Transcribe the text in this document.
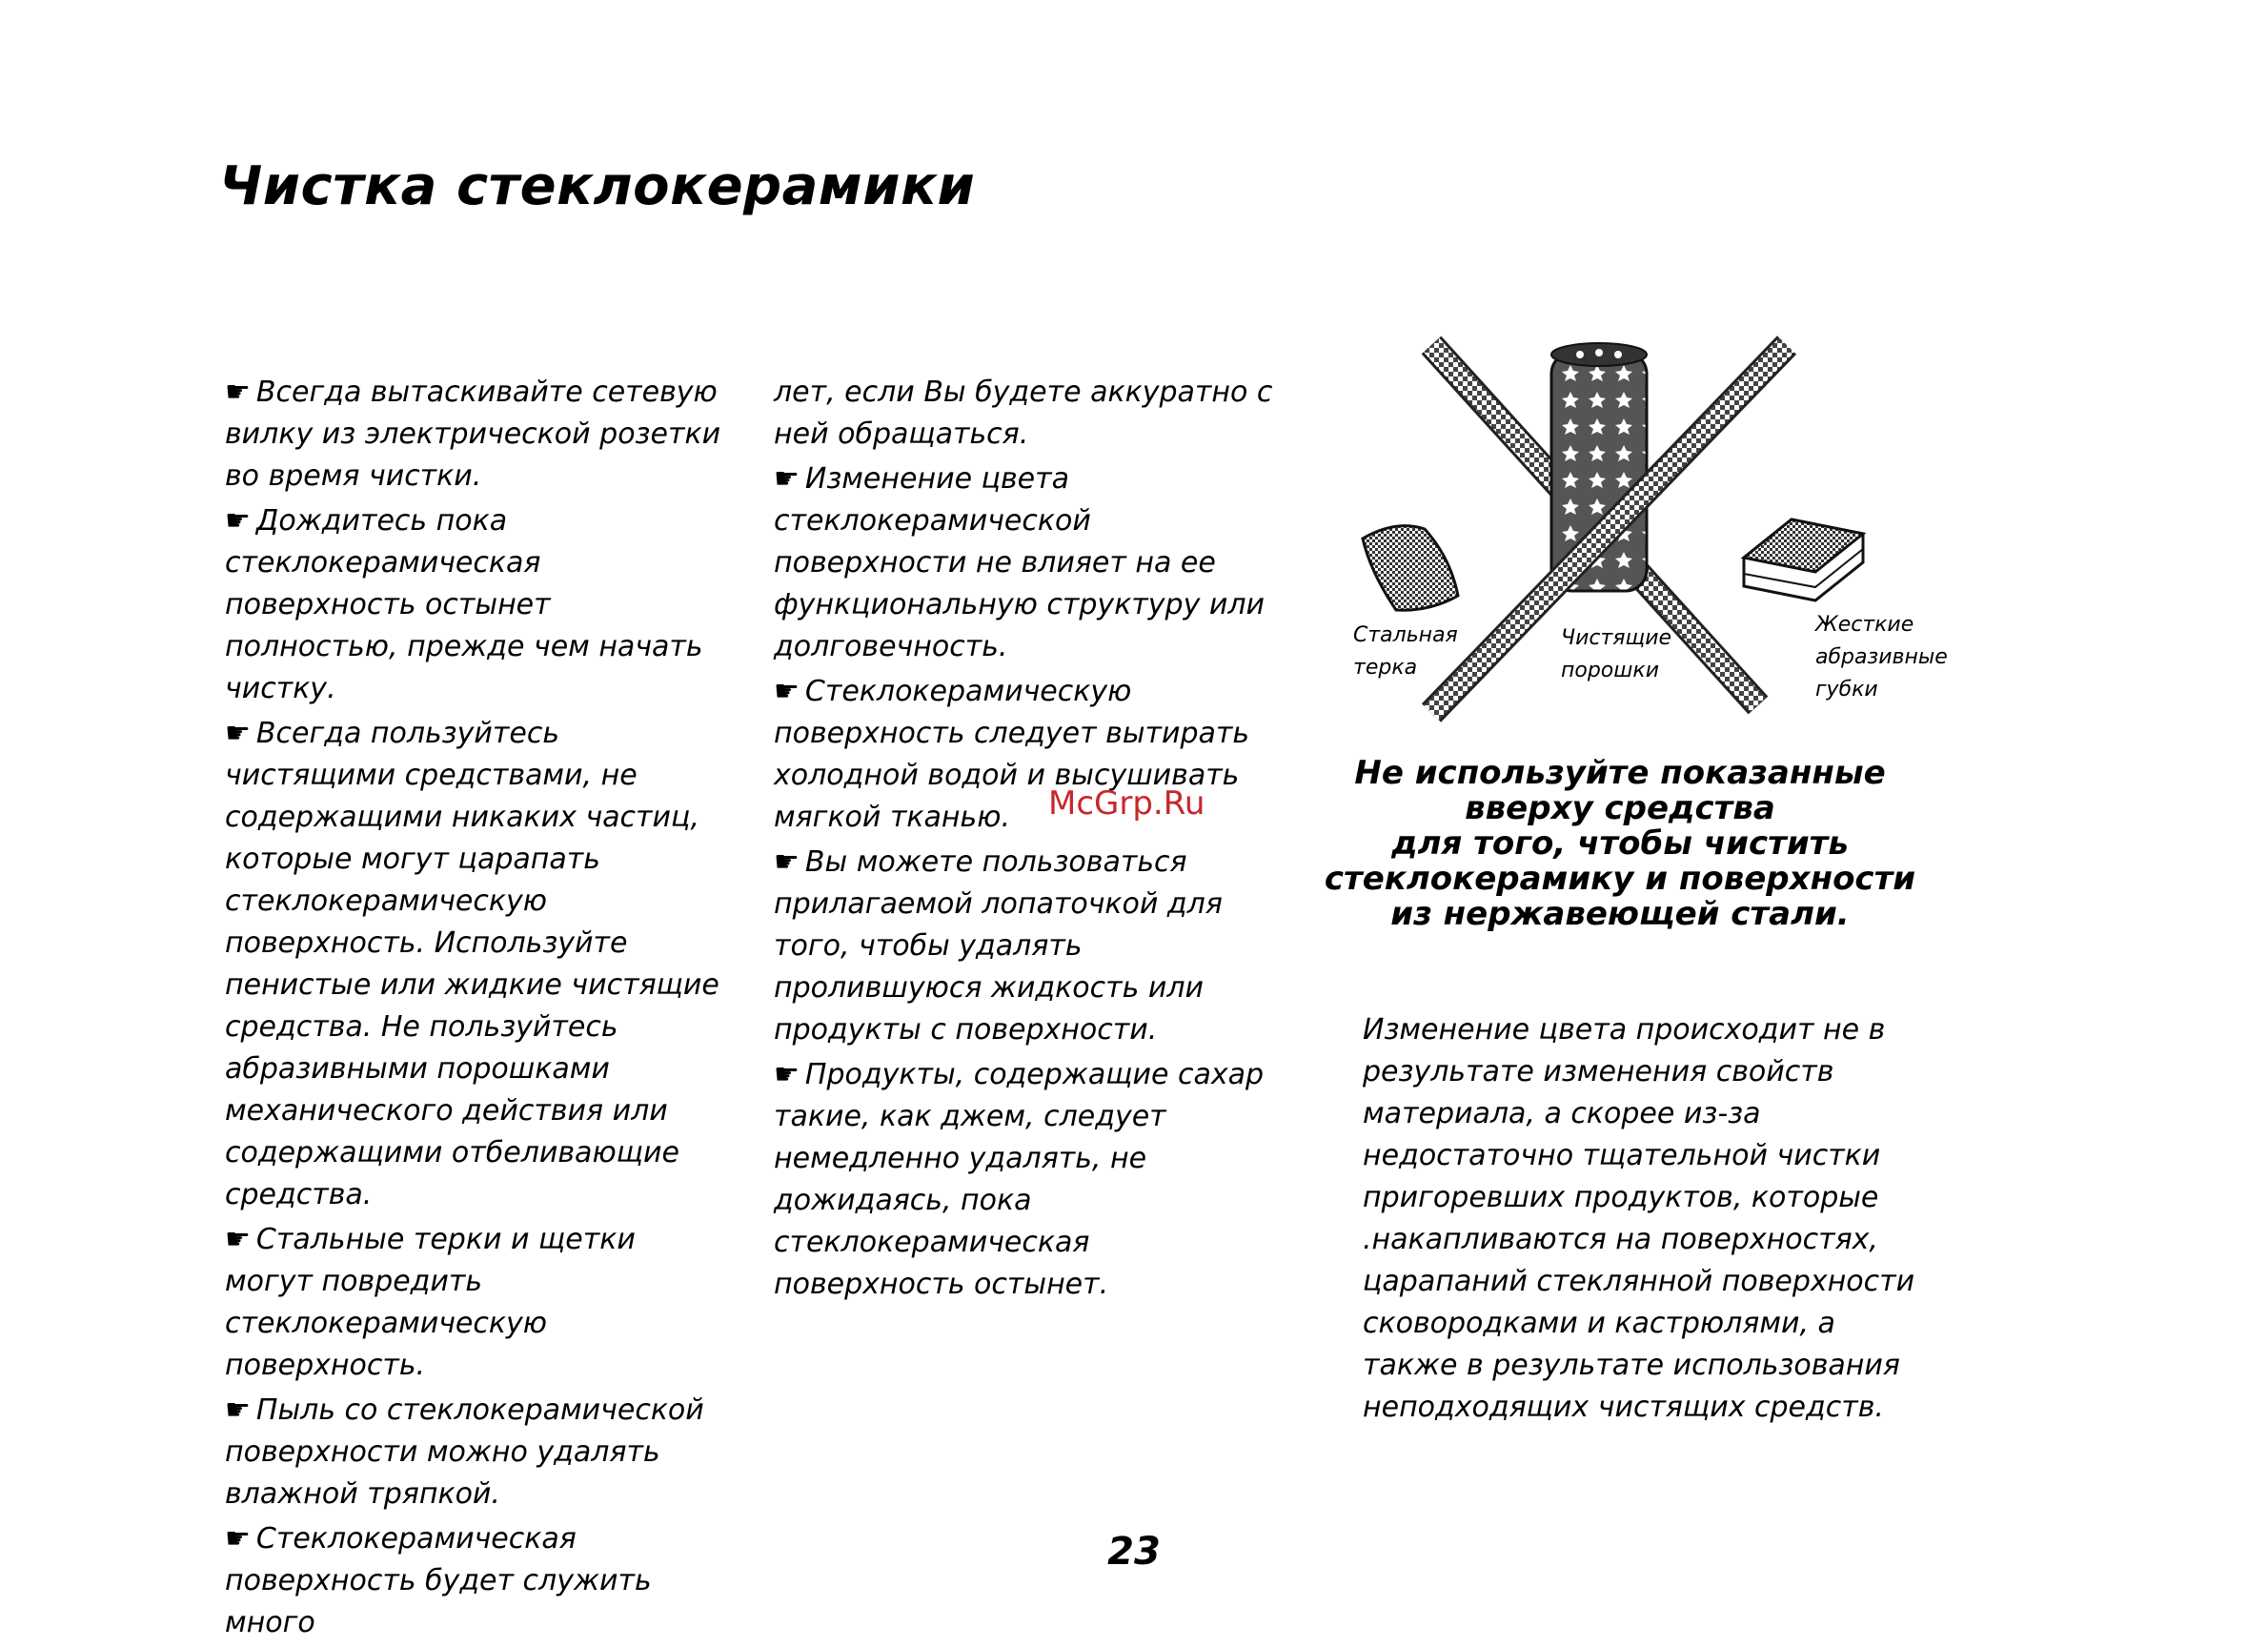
Чистка стеклокерамики

☛ Всегда вытаскивайте сетевую вилку из электрической розетки во время чистки.

☛ Дождитесь пока стеклокерамическая поверхность остынет полностью, прежде чем начать чистку.

☛ Всегда пользуйтесь чистящими средствами, не содержащими никаких частиц, которые могут царапать стеклокерамическую поверхность. Используйте пенистые или жидкие чистящие средства. Не пользуйтесь абразивными порошками механического действия или содержащими отбеливающие средства.

☛ Стальные терки и щетки могут повредить стеклокерамическую поверхность.

☛ Пыль со стеклокерамической поверхности можно удалять влажной тряпкой.

☛ Стеклокерамическая поверхность будет служить много

лет, если Вы будете аккуратно с ней обращаться.

☛ Изменение цвета стеклокерамической поверхности не влияет на ее функциональную структуру или долговечность.

☛ Стеклокерамическую поверхность следует вытирать холодной водой и высушивать мягкой тканью.

☛ Вы можете пользоваться прилагаемой лопаточкой для того, чтобы удалять пролившуюся жидкость или продукты с поверхности.

☛ Продукты, содержащие сахар такие, как джем, следует немедленно удалять, не дожидаясь, пока стеклокерамическая поверхность остынет.

Стальная терка
Чистящие порошки
Жесткие абразивные губки
Не используйте показанные
вверху средства
для того, чтобы чистить
стеклокерамику и поверхности
из нержавеющей стали.

Изменение цвета происходит не в результате изменения свойств материала, а скорее из-за недостаточно тщательной чистки пригоревших продуктов, которые .накапливаются на поверхностях, царапаний стеклянной поверхности сковородками и кастрюлями, а также в результате использования неподходящих чистящих средств.

McGrp.Ru
23
